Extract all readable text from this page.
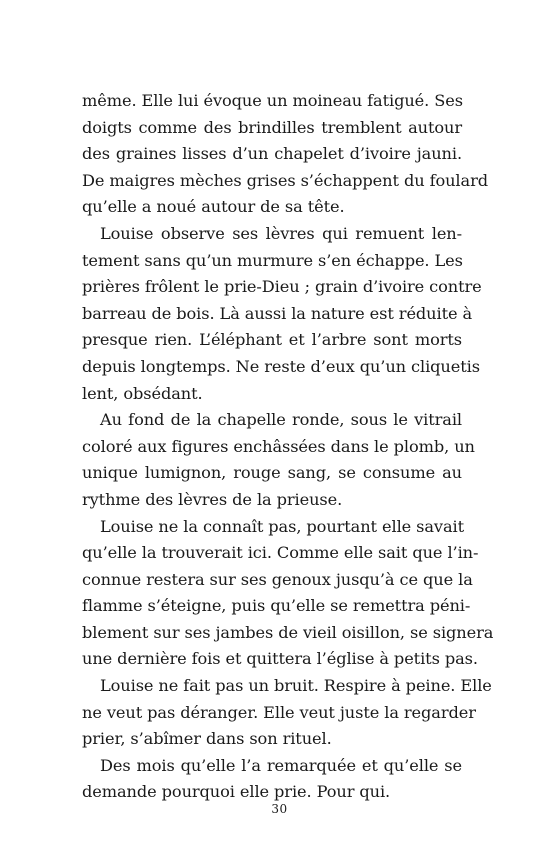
même. Elle lui évoque un moineau fatigué. Ses
doigts comme des brindilles tremblent autour
des graines lisses d’un chapelet d’ivoire jauni.
De maigres mèches grises s’échappent du foulard
qu’elle a noué autour de sa tête.
Louise observe ses lèvres qui remuent len-
tement sans qu’un murmure s’en échappe. Les
prières frôlent le prie-Dieu ; grain d’ivoire contre
barreau de bois. Là aussi la nature est réduite à
presque rien. L’éléphant et l’arbre sont morts
depuis longtemps. Ne reste d’eux qu’un cliquetis
lent, obsédant.
Au fond de la chapelle ronde, sous le vitrail
coloré aux figures enchâssées dans le plomb, un
unique lumignon, rouge sang, se consume au
rythme des lèvres de la prieuse.
Louise ne la connaît pas, pourtant elle savait
qu’elle la trouverait ici. Comme elle sait que l’in-
connue restera sur ses genoux jusqu’à ce que la
flamme s’éteigne, puis qu’elle se remettra péni-
blement sur ses jambes de vieil oisillon, se signera
une dernière fois et quittera l’église à petits pas.
Louise ne fait pas un bruit. Respire à peine. Elle
ne veut pas déranger. Elle veut juste la regarder
prier, s’abîmer dans son rituel.
Des mois qu’elle l’a remarquée et qu’elle se
demande pourquoi elle prie. Pour qui.
30
